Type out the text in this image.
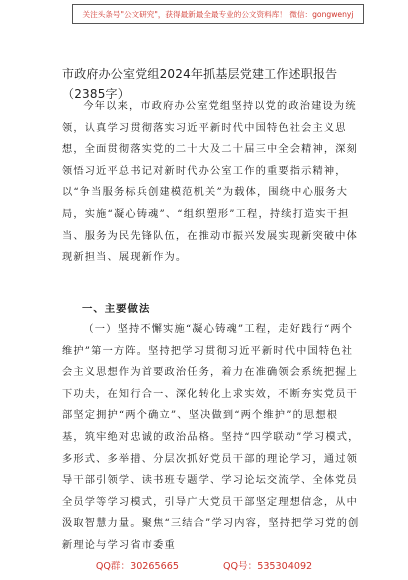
关注头条号"公文研究"，获得最新最全最专业的公文资料库！ 微信：gongwenyj
市政府办公室党组2024年抓基层党建工作述职报告（2385字）

今年以来，市政府办公室党组坚持以党的政治建设为统领，认真学习贯彻落实习近平新时代中国特色社会主义思想，全面贯彻落实党的二十大及二十届三中全会精神，深刻领悟习近平总书记对新时代办公室工作的重要指示精神，以“争当服务标兵创建模范机关”为载体，围绕中心服务大局，实施“凝心铸魂”、“组织塑形”工程，持续打造实干担当、服务为民先锋队伍，在推动市振兴发展实现新突破中体现新担当、展现新作为。

一、主要做法

（一）坚持不懈实施“凝心铸魂”工程，走好践行“两个维护”第一方阵。坚持把学习贯彻习近平新时代中国特色社会主义思想作为首要政治任务，着力在准确领会系统把握上下功夫，在知行合一、深化转化上求实效，不断夯实党员干部坚定拥护“两个确立”、坚决做到“两个维护”的思想根基，筑牢绝对忠诚的政治品格。坚持“四学联动”学习模式，多形式、多举措、分层次抓好党员干部的理论学习，通过领导干部引领学、读书班专题学、学习论坛交流学、全体党员全员学等学习模式，引导广大党员干部坚定理想信念，从中汲取智慧力量。聚焦“三结合”学习内容，坚持把学习党的创新理论与学习省市委重

QQ群：30265665	QQ号：535304092
